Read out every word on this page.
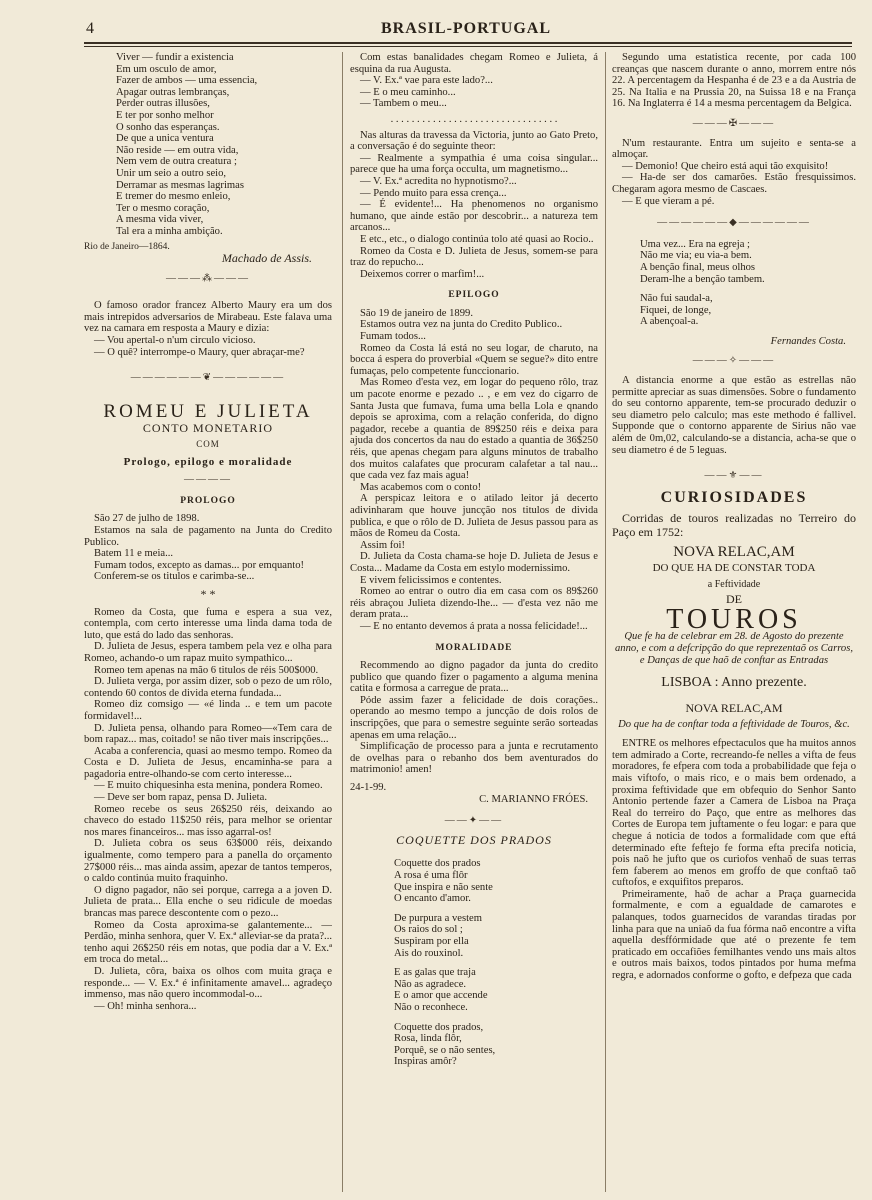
4	BRASIL-PORTUGAL
Viver — fundir a existencia
Em um osculo de amor,
Fazer de ambos — uma essencia,
Apagar outras lembranças,
Perder outras illusões,
E ter por sonho melhor
O sonho das esperanças.
De que a unica ventura
Não reside — em outra vida,
Nem vem de outra creatura ;
Unir um seio a outro seio,
Derramar as mesmas lagrimas
E tremer do mesmo enleio,
Ter o mesmo coração,
A mesma vida viver,
Tal era a minha ambição.
Rio de Janeiro—1864.
Machado de Assis.
———⁂———

O famoso orador francez Alberto Maury era um dos mais intrepidos adversarios de Mirabeau. Este falava uma vez na camara em resposta a Maury e dizia:

— Vou apertal-o n'um circulo vicioso.

— O quê? interrompe-o Maury, quer abraçar-me?

——————❦——————
ROMEU E JULIETA
CONTO MONETARIO
COM
Prologo, epilogo e moralidade
————
PROLOGO

São 27 de julho de 1898.

Estamos na sala de pagamento na Junta do Credito Publico.

Batem 11 e meia...

Fumam todos, excepto as damas... por emquanto!

Conferem-se os titulos e carimba-se...

* *

Romeo da Costa, que fuma e espera a sua vez, contempla, com certo interesse uma linda dama toda de luto, que está do lado das senhoras.

D. Julieta de Jesus, espera tambem pela vez e olha para Romeo, achando-o um rapaz muito sympathico...

Romeo tem apenas na mão 6 titulos de réis 500$000.

D. Julieta verga, por assim dizer, sob o pezo de um rôlo, contendo 60 contos de divida eterna fundada...

Romeo diz comsigo — «é linda .. e tem um pacote formidavel!...

D. Julieta pensa, olhando para Romeo—«Tem cara de bom rapaz... mas, coitado! se não tiver mais inscripções...

Acaba a conferencia, quasi ao mesmo tempo. Romeo da Costa e D. Julieta de Jesus, encaminha-se para a pagadoria entre-olhando-se com certo interesse...

— E muito chiquesinha esta menina, pondera Romeo.

— Deve ser bom rapaz, pensa D. Julieta.

Romeo recebe os seus 26$250 réis, deixando ao chaveco do estado 11$250 réis, para melhor se orientar nos mares financeiros... mas isso agarral-os!

D. Julieta cobra os seus 63$000 réis, deixando igualmente, como tempero para a panella do orçamento 27$000 réis... mas ainda assim, apezar de tantos temperos, o caldo continúa muito fraquinho.

O digno pagador, não sei porque, carrega a a joven D. Julieta de prata... Ella enche o seu ridicule de moedas brancas mas parece descontente com o pezo...

Romeo da Costa aproxima-se galantemente... — Perdão, minha senhora, quer V. Ex.ª alleviar-se da prata?... tenho aqui 26$250 réis em notas, que podia dar a V. Ex.ª em troca do metal...

D. Julieta, côra, baixa os olhos com muita graça e responde... — V. Ex.ª é infinitamente amavel... agradeço immenso, mas não quero incommodal-o...

— Oh! minha senhora...

Com estas banalidades chegam Romeo e Julieta, á esquina da rua Augusta.

— V. Ex.ª vae para este lado?...

— E o meu caminho...

— Tambem o meu...

. . . . . . . . . . . . . . . . . . . . . . . . . . . . . . . .

Nas alturas da travessa da Victoria, junto ao Gato Preto, a conversação é do seguinte theor:

— Realmente a sympathia é uma coisa singular... parece que ha uma força occulta, um magnetismo...

— V. Ex.ª acredita no hypnotismo?...

— Pendo muito para essa crença...

— É evidente!... Ha phenomenos no organismo humano, que ainde estão por descobrir... a natureza tem arcanos...

E etc., etc., o dialogo continúa tolo até quasi ao Rocio..

Romeo da Costa e D. Julieta de Jesus, somem-se para traz do repucho...

Deixemos correr o marfim!...

EPILOGO

São 19 de janeiro de 1899.

Estamos outra vez na junta do Credito Publico..

Fumam todos...

Romeo da Costa lá está no seu logar, de charuto, na bocca á espera do proverbial «Quem se segue?» dito entre fumaças, pelo competente funccionario.

Mas Romeo d'esta vez, em logar do pequeno rôlo, traz um pacote enorme e pezado .. , e em vez do cigarro de Santa Justa que fumava, fuma uma bella Lola e qnando depois se aproxima, com a relação conferida, do digno pagador, recebe a quantia de 89$250 réis e deixa para ajuda dos concertos da nau do estado a quantia de 36$250 réis, que apenas chegam para alguns minutos de trabalho dos muitos calafates que procuram calafetar a tal nau... que cada vez faz mais agua!

Mas acabemos com o conto!

A perspicaz leitora e o atilado leitor já decerto adivinharam que houve juncção nos titulos de divida publica, e que o rôlo de D. Julieta de Jesus passou para as mãos de Romeu da Costa.

Assim foi!

D. Julieta da Costa chama-se hoje D. Julieta de Jesus e Costa... Madame da Costa em estylo modernissimo.

E vivem felicissimos e contentes.

Romeo ao entrar o outro dia em casa com os 89$260 réis abraçou Julieta dizendo-lhe... — d'esta vez não me deram prata...

— E no entanto devemos á prata a nossa felicidade!...

MORALIDADE

Recommendo ao digno pagador da junta do credito publico que quando fizer o pagamento a alguma menina catita e formosa a carregue de prata...

Póde assim fazer a felicidade de dois corações.. operando ao mesmo tempo a juncção de dois rolos de inscripções, que para o semestre seguinte serão sorteadas apenas em uma relação...

Simplificação de processo para a junta e recrutamento de ovelhas para o rebanho dos bem aventurados do matrimonio! amen!

24-1-99.
C. MARIANNO FRÓES.
——✦——
COQUETTE DOS PRADOS
Coquette dos prados
A rosa é uma flôr
Que inspira e não sente
O encanto d'amor.

De purpura a vestem
Os raios do sol ;
Suspiram por ella
Ais do rouxinol.

E as galas que traja
Não as agradece.
E o amor que accende
Não o reconhece.

Coquette dos prados,
Rosa, linda flôr,
Porquê, se o não sentes,
Inspiras amôr?

Segundo uma estatistica recente, por cada 100 creanças que nascem durante o anno, morrem entre nós 22. A percentagem da Hespanha é de 23 e a da Austria de 25. Na Italia e na Prussia 20, na Suissa 18 e na França 16. Na Inglaterra é 14 a mesma percentagem da Belgica.

———✠———

N'um restaurante. Entra um sujeito e senta-se a almoçar.

— Demonio! Que cheiro está aqui tão exquisito!

— Ha-de ser dos camarões. Estão fresquissimos. Chegaram agora mesmo de Cascaes.

— E que vieram a pé.

——————◆——————
Uma vez... Era na egreja ;
Não me via; eu via-a bem.
A benção final, meus olhos
Deram-lhe a benção tambem.

Não fui saudal-a,
Fiquei, de longe,
A abençoal-a.
Fernandes Costa.
———✧———

A distancia enorme a que estão as estrellas não permitte apreciar as suas dimensões. Sobre o fundamento do seu contorno apparente, tem-se procurado deduzir o seu diametro pelo calculo; mas este methodo é fallivel. Supponde que o contorno apparente de Sirius não vae além de 0m,02, calculando-se a distancia, acha-se que o seu diametro é de 5 leguas.

——⚜——
CURIOSIDADES

Corridas de touros realizadas no Terreiro do Paço em 1752:

NOVA RELAC,AM
DO QUE HA DE CONSTAR TODA
a Feftividade
DE
TOUROS
Que fe ha de celebrar em 28. de Agosto do prezente anno, e com a defcripção do que reprezentaõ os Carros, e Danças de que haõ de conftar as Entradas
LISBOA : Anno prezente.
NOVA RELAC,AM
Do que ha de conftar toda a feftividade de Touros, &c.

ENTRE os melhores efpectaculos que ha muitos annos tem admirado a Corte, recreando-fe nelles a vifta de feus moradores, fe efpera com toda a probabilidade que feja o mais viftofo, o mais rico, e o mais bem ordenado, a proxima feftividade que em obfequio do Senhor Santo Antonio pertende fazer a Camera de Lisboa na Praça Real do terreiro do Paço, que entre as melhores das Cortes de Europa tem juftamente o feu logar: e para que chegue á noticia de todos a formalidade com que eftá determinado efte feftejo fe forma efta precifa noticia, pois naõ he jufto que os curiofos venhaõ de suas terras fem faberem ao menos em groffo de que conftaõ taõ cuftofos, e exquifitos preparos.

Primeiramente, haõ de achar a Praça guarnecida formalmente, e com a egualdade de camarotes e palanques, todos guarnecidos de varandas tiradas por linha para que na uniaõ da fua fórma naõ encontre a vifta aquella desffórmidade que até o prezente fe tem praticado em occafiões femilhantes vendo uns mais altos e outros mais baixos, todos pintados por huma mefma regra, e adornados conforme o gofto, e defpeza que cada
